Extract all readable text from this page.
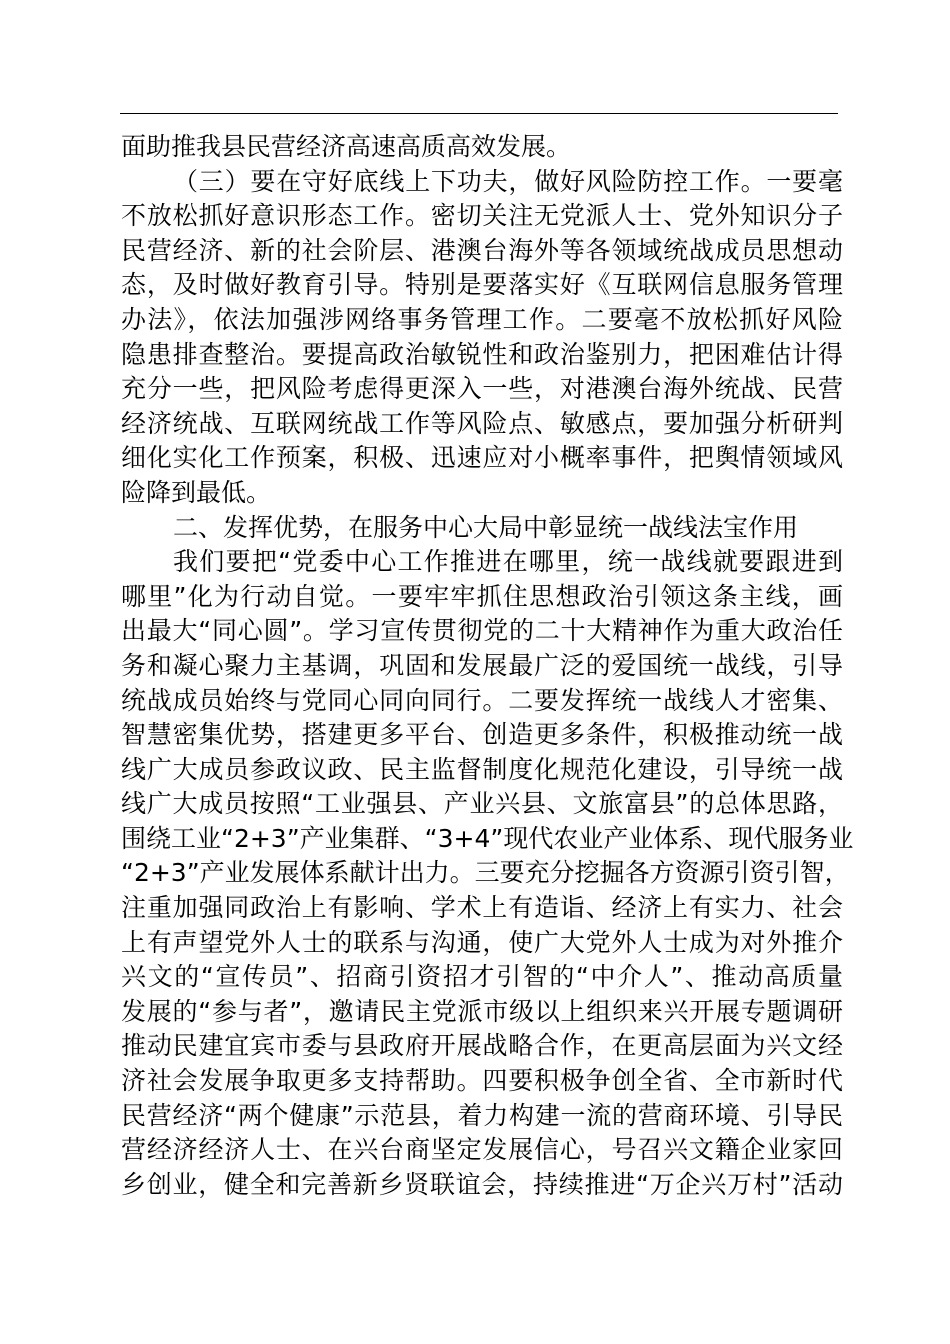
面助推我县民营经济高速高质高效发展。

（三）要在守好底线上下功夫，做好风险防控工作。一要毫

不放松抓好意识形态工作。密切关注无党派人士、党外知识分子

民营经济、新的社会阶层、港澳台海外等各领域统战成员思想动

态，及时做好教育引导。特别是要落实好《互联网信息服务管理

办法》，依法加强涉网络事务管理工作。二要毫不放松抓好风险

隐患排查整治。要提高政治敏锐性和政治鉴别力，把困难估计得

充分一些，把风险考虑得更深入一些，对港澳台海外统战、民营

经济统战、互联网统战工作等风险点、敏感点，要加强分析研判

细化实化工作预案，积极、迅速应对小概率事件，把舆情领域风

险降到最低。

二、发挥优势，在服务中心大局中彰显统一战线法宝作用

我们要把“党委中心工作推进在哪里，统一战线就要跟进到

哪里”化为行动自觉。一要牢牢抓住思想政治引领这条主线，画

出最大“同心圆”。学习宣传贯彻党的二十大精神作为重大政治任

务和凝心聚力主基调，巩固和发展最广泛的爱国统一战线，引导

统战成员始终与党同心同向同行。二要发挥统一战线人才密集、

智慧密集优势，搭建更多平台、创造更多条件，积极推动统一战

线广大成员参政议政、民主监督制度化规范化建设，引导统一战

线广大成员按照“工业强县、产业兴县、文旅富县”的总体思路，

围绕工业“2+3”产业集群、“3+4”现代农业产业体系、现代服务业

“2+3”产业发展体系献计出力。三要充分挖掘各方资源引资引智，

注重加强同政治上有影响、学术上有造诣、经济上有实力、社会

上有声望党外人士的联系与沟通，使广大党外人士成为对外推介

兴文的“宣传员”、招商引资招才引智的“中介人”、推动高质量

发展的“参与者”，邀请民主党派市级以上组织来兴开展专题调研

推动民建宜宾市委与县政府开展战略合作，在更高层面为兴文经

济社会发展争取更多支持帮助。四要积极争创全省、全市新时代

民营经济“两个健康”示范县，着力构建一流的营商环境、引导民

营经济经济人士、在兴台商坚定发展信心，号召兴文籍企业家回

乡创业，健全和完善新乡贤联谊会，持续推进“万企兴万村”活动
